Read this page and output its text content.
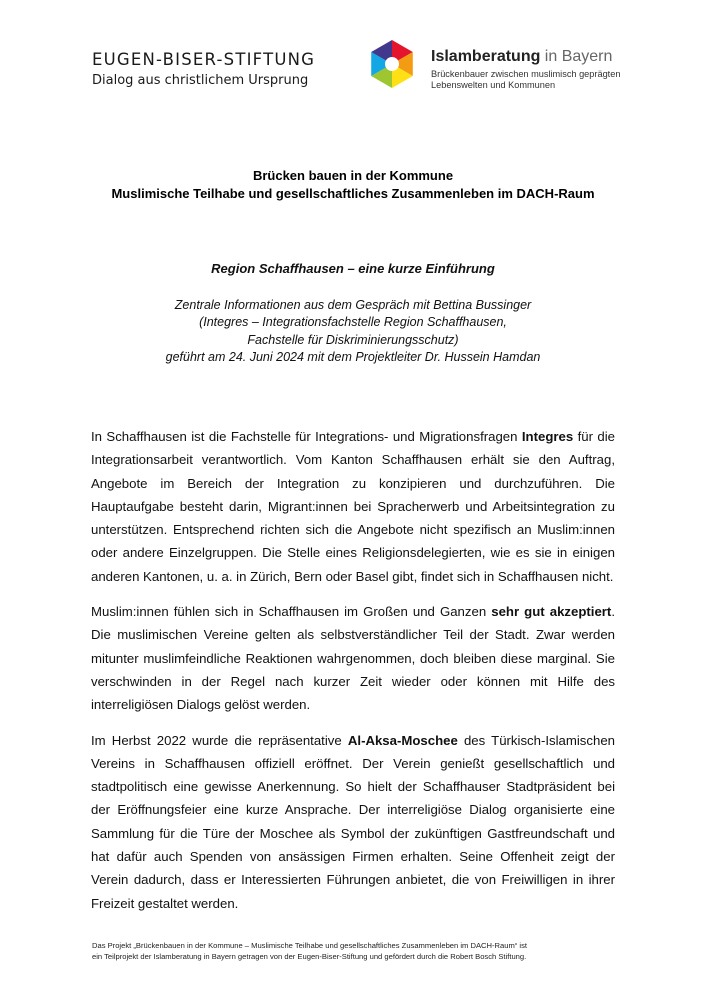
EUGEN-BISER-STIFTUNG
Dialog aus christlichem Ursprung
Islamberatung in Bayern
Brückenbauer zwischen muslimisch geprägten
Lebenswelten und Kommunen
Brücken bauen in der Kommune
Muslimische Teilhabe und gesellschaftliches Zusammenleben im DACH-Raum
Region Schaffhausen – eine kurze Einführung
Zentrale Informationen aus dem Gespräch mit Bettina Bussinger
(Integres – Integrationsfachstelle Region Schaffhausen,
Fachstelle für Diskriminierungsschutz)
geführt am 24. Juni 2024 mit dem Projektleiter Dr. Hussein Hamdan

In Schaffhausen ist die Fachstelle für Integrations- und Migrationsfragen Integres für die Integrationsarbeit verantwortlich. Vom Kanton Schaffhausen erhält sie den Auftrag, Angebote im Bereich der Integration zu konzipieren und durchzuführen. Die Hauptaufgabe besteht darin, Migrant:innen bei Spracherwerb und Arbeitsintegration zu unterstützen. Entsprechend richten sich die Angebote nicht spezifisch an Muslim:innen oder andere Einzelgruppen. Die Stelle eines Religionsdelegierten, wie es sie in einigen anderen Kantonen, u. a. in Zürich, Bern oder Basel gibt, findet sich in Schaffhausen nicht.

Muslim:innen fühlen sich in Schaffhausen im Großen und Ganzen sehr gut akzeptiert. Die muslimischen Vereine gelten als selbstverständlicher Teil der Stadt. Zwar werden mitunter muslimfeindliche Reaktionen wahrgenommen, doch bleiben diese marginal. Sie verschwinden in der Regel nach kurzer Zeit wieder oder können mit Hilfe des interreligiösen Dialogs gelöst werden.

Im Herbst 2022 wurde die repräsentative Al-Aksa-Moschee des Türkisch-Islamischen Vereins in Schaffhausen offiziell eröffnet. Der Verein genießt gesellschaftlich und stadtpolitisch eine gewisse Anerkennung. So hielt der Schaffhauser Stadtpräsident bei der Eröffnungsfeier eine kurze Ansprache. Der interreligiöse Dialog organisierte eine Sammlung für die Türe der Moschee als Symbol der zukünftigen Gastfreundschaft und hat dafür auch Spenden von ansässigen Firmen erhalten. Seine Offenheit zeigt der Verein dadurch, dass er Interessierten Führungen anbietet, die von Freiwilligen in ihrer Freizeit gestaltet werden.

Das Projekt „Brückenbauen in der Kommune – Muslimische Teilhabe und gesellschaftliches Zusammenleben im DACH-Raum“ ist
ein Teilprojekt der Islamberatung in Bayern getragen von der Eugen-Biser-Stiftung und gefördert durch die Robert Bosch Stiftung.
